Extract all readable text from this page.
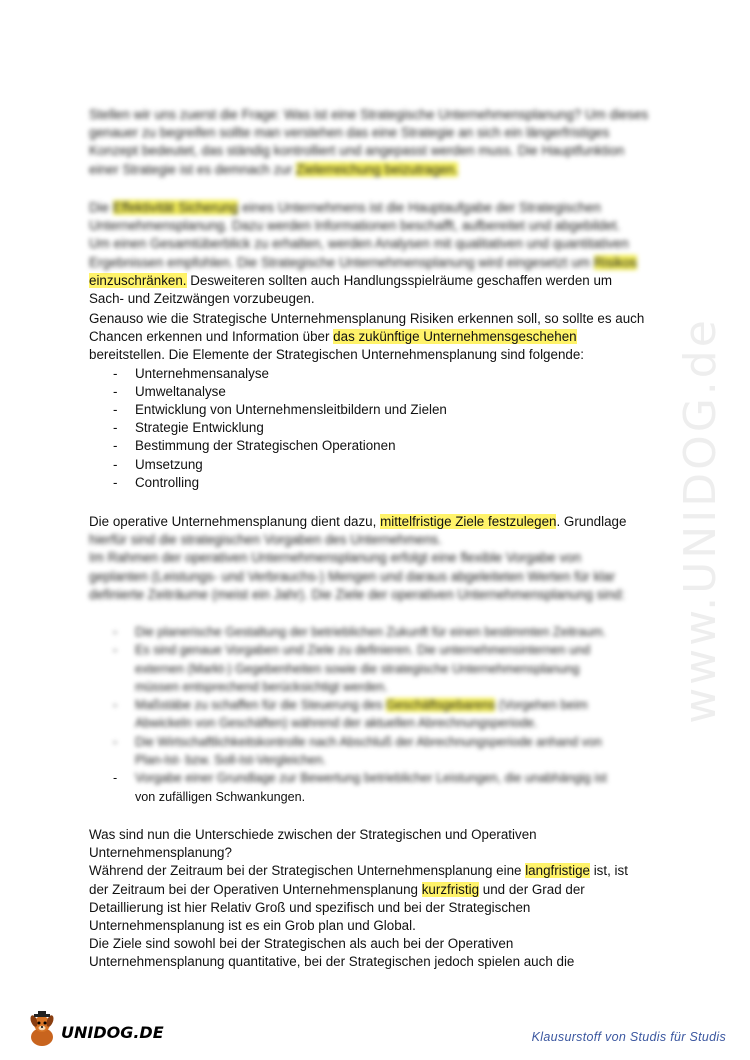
www.UNIDOG.de
Stellen wir uns zuerst die Frage: Was ist eine Strategische Unternehmensplanung? Um dieses
genauer zu begreifen sollte man verstehen das eine Strategie an sich ein längerfristiges
Konzept bedeutet, das ständig kontrolliert und angepasst werden muss. Die Hauptfunktion
einer Strategie ist es demnach zur Zielerreichung beizutragen.
Die Effektivität Sicherung eines Unternehmens ist die Hauptaufgabe der Strategischen
Unternehmensplanung. Dazu werden Informationen beschafft, aufbereitet und abgebildet.
Um einen Gesamtüberblick zu erhalten, werden Analysen mit qualitativen und quantitativen
Ergebnissen empfohlen. Die Strategische Unternehmensplanung wird eingesetzt um Risikos
einzuschränken. Desweiteren sollten auch Handlungsspielräume geschaffen werden um
Sach- und Zeitzwängen vorzubeugen.
Genauso wie die Strategische Unternehmensplanung Risiken erkennen soll, so sollte es auch
Chancen erkennen und Information über das zukünftige Unternehmensgeschehen
bereitstellen. Die Elemente der Strategischen Unternehmensplanung sind folgende:
- Unternehmensanalyse
- Umweltanalyse
- Entwicklung von Unternehmensleitbildern und Zielen
- Strategie Entwicklung
- Bestimmung der Strategischen Operationen
- Umsetzung
- Controlling
Die operative Unternehmensplanung dient dazu, mittelfristige Ziele festzulegen. Grundlage
hierfür sind die strategischen Vorgaben des Unternehmens.
Im Rahmen der operativen Unternehmensplanung erfolgt eine flexible Vorgabe von
geplanten (Leistungs- und Verbrauchs-) Mengen und daraus abgeleiteten Werten für klar
definierte Zeiträume (meist ein Jahr). Die Ziele der operativen Unternehmensplanung sind:
- Die planerische Gestaltung der betrieblichen Zukunft für einen bestimmten Zeitraum.
- Es sind genaue Vorgaben und Ziele zu definieren. Die unternehmensinternen und
externen (Markt-) Gegebenheiten sowie die strategische Unternehmensplanung
müssen entsprechend berücksichtigt werden.
- Maßstäbe zu schaffen für die Steuerung des Geschäftsgebarens (Vorgehen beim
Abwickeln von Geschäften) während der aktuellen Abrechnungsperiode.
- Die Wirtschaftlichkeitskontrolle nach Abschluß der Abrechnungsperiode anhand von
Plan-Ist- bzw. Soll-Ist-Vergleichen.
- Vorgabe einer Grundlage zur Bewertung betrieblicher Leistungen, die unabhängig ist
von zufälligen Schwankungen.
Was sind nun die Unterschiede zwischen der Strategischen und Operativen
Unternehmensplanung?
Während der Zeitraum bei der Strategischen Unternehmensplanung eine langfristige ist, ist
der Zeitraum bei der Operativen Unternehmensplanung kurzfristig und der Grad der
Detaillierung ist hier Relativ Groß und spezifisch und bei der Strategischen
Unternehmensplanung ist es ein Grob plan und Global.
Die Ziele sind sowohl bei der Strategischen als auch bei der Operativen
Unternehmensplanung quantitative, bei der Strategischen jedoch spielen auch die
UNIDOG.DE	Klausurstoff von Studis für Studis
